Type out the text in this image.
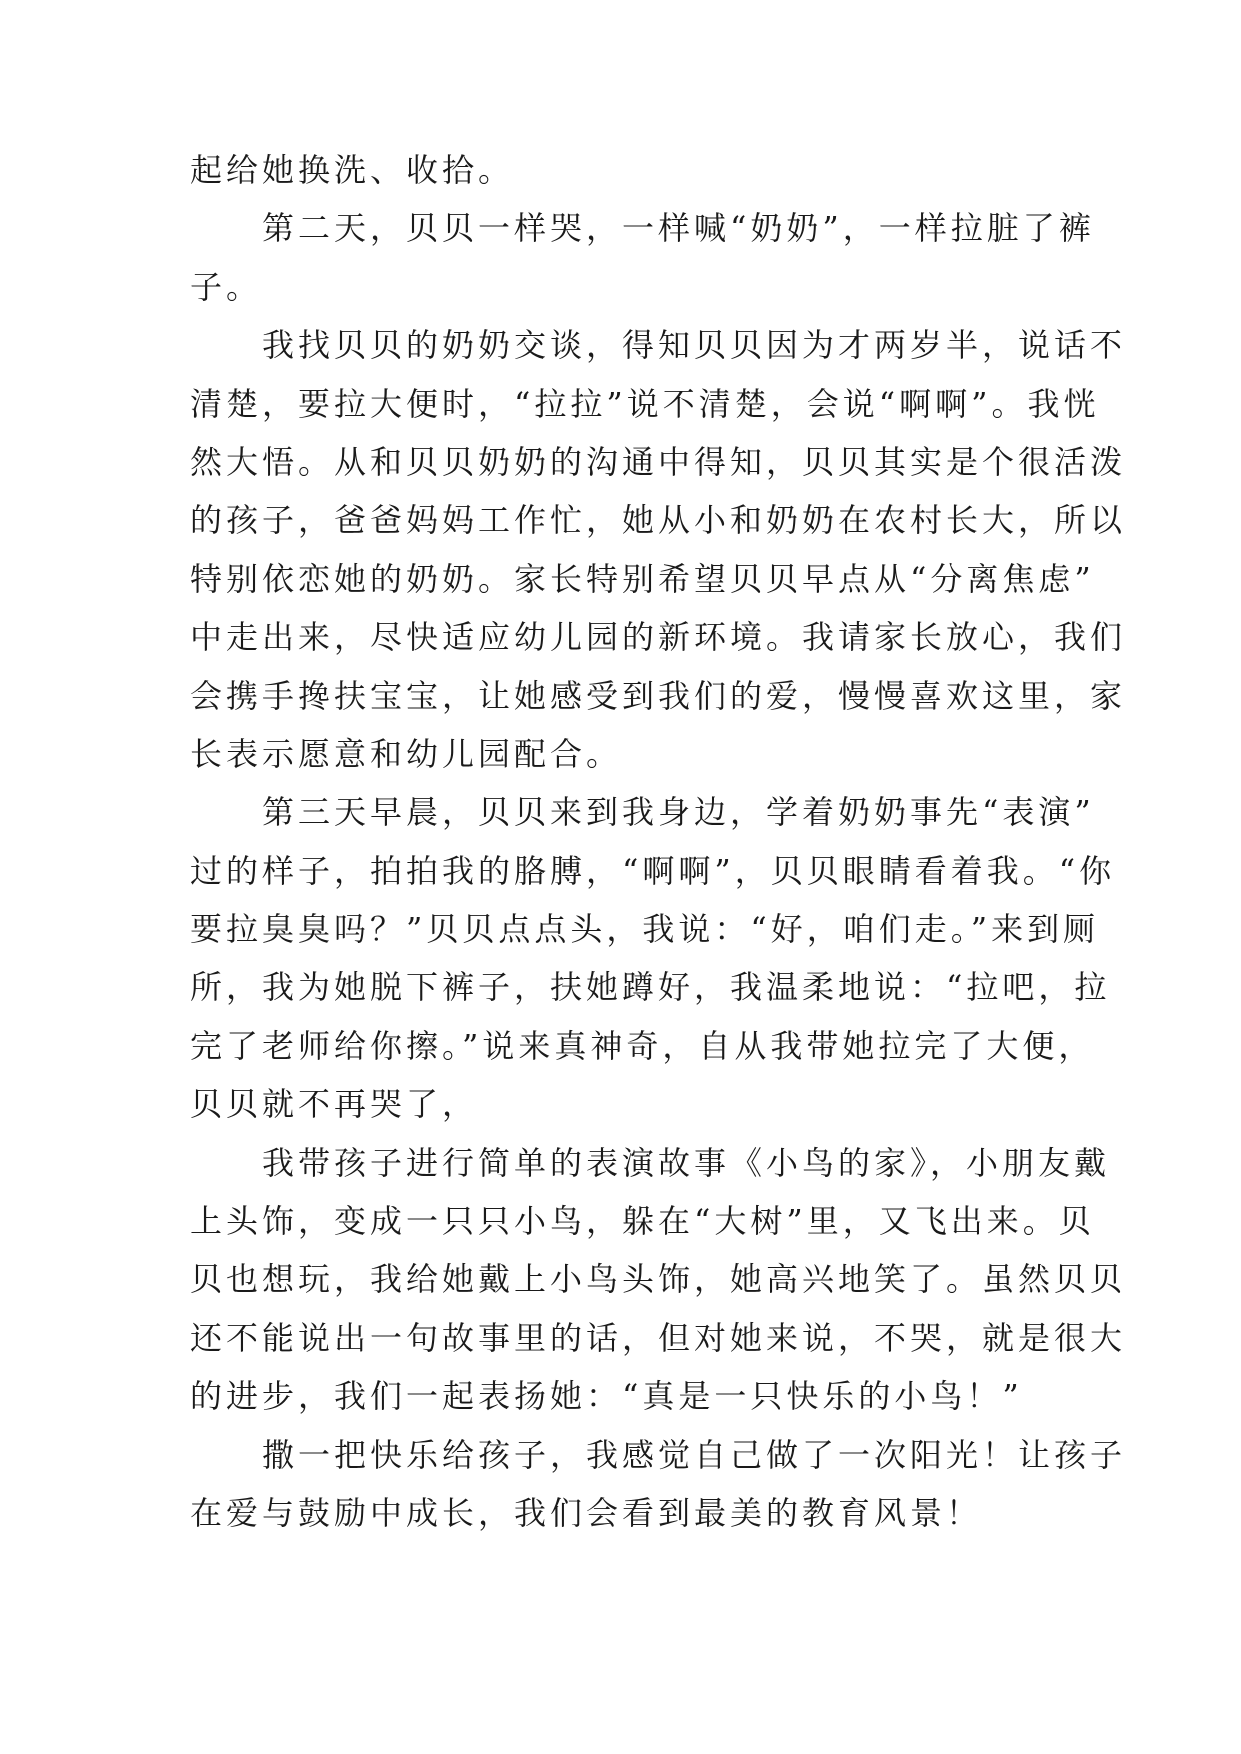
起给她换洗、收拾。
第二天，贝贝一样哭，一样喊“奶奶”，一样拉脏了裤
子。
我找贝贝的奶奶交谈，得知贝贝因为才两岁半，说话不
清楚，要拉大便时，“拉拉”说不清楚，会说“啊啊”。我恍
然大悟。从和贝贝奶奶的沟通中得知，贝贝其实是个很活泼
的孩子，爸爸妈妈工作忙，她从小和奶奶在农村长大，所以
特别依恋她的奶奶。家长特别希望贝贝早点从“分离焦虑”
中走出来，尽快适应幼儿园的新环境。我请家长放心，我们
会携手搀扶宝宝，让她感受到我们的爱，慢慢喜欢这里，家
长表示愿意和幼儿园配合。
第三天早晨，贝贝来到我身边，学着奶奶事先“表演”
过的样子，拍拍我的胳膊，“啊啊”，贝贝眼睛看着我。“你
要拉臭臭吗？”贝贝点点头，我说：“好，咱们走。”来到厕
所，我为她脱下裤子，扶她蹲好，我温柔地说：“拉吧，拉
完了老师给你擦。”说来真神奇，自从我带她拉完了大便，
贝贝就不再哭了，
我带孩子进行简单的表演故事《小鸟的家》，小朋友戴
上头饰，变成一只只小鸟，躲在“大树”里，又飞出来。贝
贝也想玩，我给她戴上小鸟头饰，她高兴地笑了。虽然贝贝
还不能说出一句故事里的话，但对她来说，不哭，就是很大
的进步，我们一起表扬她：“真是一只快乐的小鸟！”
撒一把快乐给孩子，我感觉自己做了一次阳光！让孩子
在爱与鼓励中成长，我们会看到最美的教育风景！
